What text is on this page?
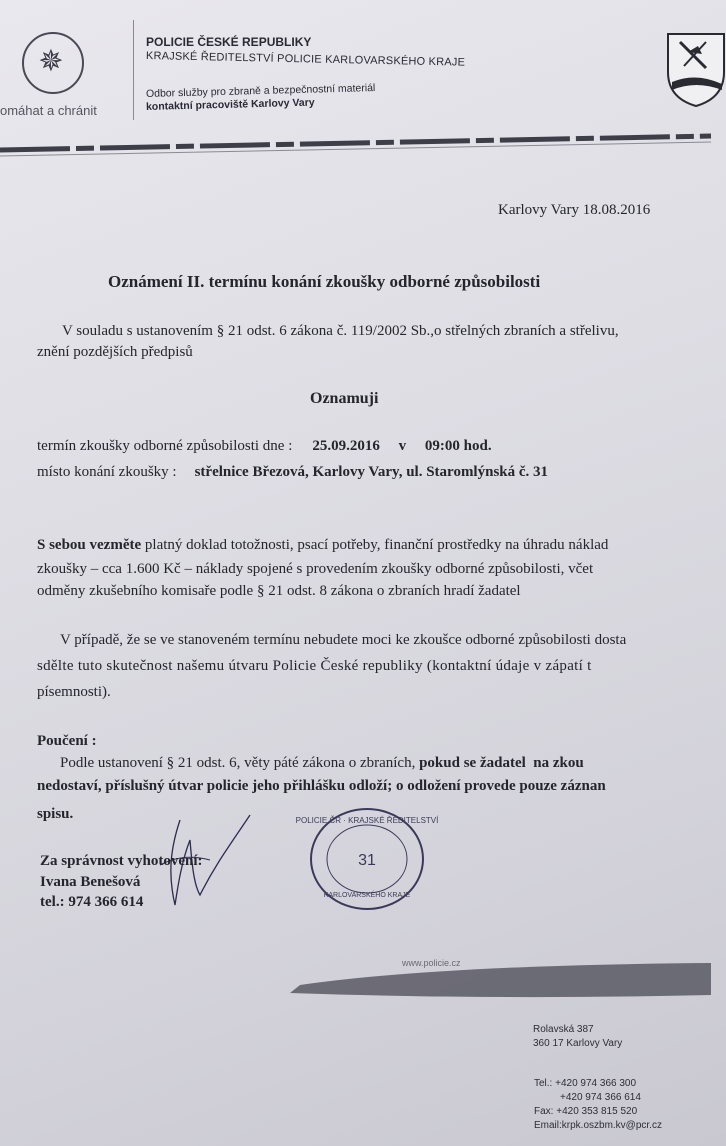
✵
omáhat a chránit
POLICIE ČESKÉ REPUBLIKY
KRAJSKÉ ŘEDITELSTVÍ POLICIE KARLOVARSKÉHO KRAJE
Odbor služby pro zbraně a bezpečnostní materiál
kontaktní pracoviště Karlovy Vary
Karlovy Vary 18.08.2016
Oznámení II. termínu konání zkoušky odborné způsobilosti
V souladu s ustanovením § 21 odst. 6 zákona č. 119/2002 Sb.,o střelných zbraních a střelivu,
znění pozdějších předpisů
Oznamuji
termín zkoušky odborné způsobilosti dne : 25.09.2016     v     09:00 hod.
místo konání zkoušky : střelnice Březová, Karlovy Vary, ul. Staromlýnská č. 31
S sebou vezměte platný doklad totožnosti, psací potřeby, finanční prostředky na úhradu náklad
zkoušky – cca 1.600 Kč – náklady spojené s provedením zkoušky odborné způsobilosti, včet
odměny zkušebního komisaře podle § 21 odst. 8 zákona o zbraních hradí žadatel
V případě, že se ve stanoveném termínu nebudete moci ke zkoušce odborné způsobilosti dosta
sdělte tuto skutečnost našemu útvaru Policie České republiky (kontaktní údaje v zápatí t
písemnosti).
Poučení :
Podle ustanovení § 21 odst. 6, věty páté zákona o zbraních, pokud se žadatel  na zkou
nedostaví, příslušný útvar policie jeho přihlášku odloží; o odložení provede pouze záznan
spisu.
Za správnost vyhotovení:
Ivana Benešová
tel.: 974 366 614
POLICIE ČR · KRAJSKÉ ŘEDITELSTVÍ
31
KARLOVARSKÉHO KRAJE
www.policie.cz
Rolavská 387
360 17 Karlovy Vary
Tel.: +420 974 366 300
+420 974 366 614
Fax: +420 353 815 520
Email:krpk.oszbm.kv@pcr.cz
